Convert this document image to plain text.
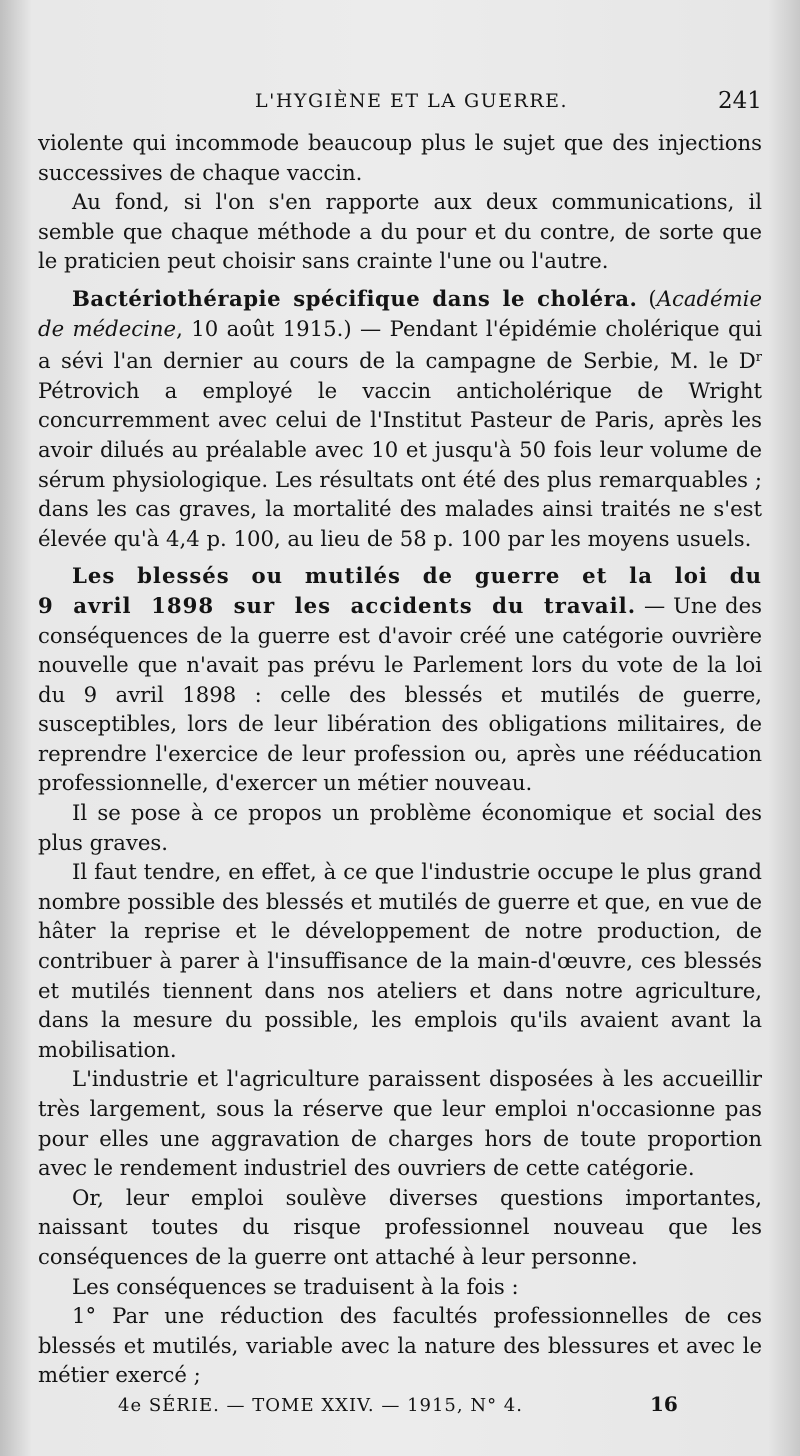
L'HYGIÈNE ET LA GUERRE.	241

violente qui incommode beaucoup plus le sujet que des injections successives de chaque vaccin.

Au fond, si l'on s'en rapporte aux deux communications, il semble que chaque méthode a du pour et du contre, de sorte que le praticien peut choisir sans crainte l'une ou l'autre.

Bactériothérapie spécifique dans le choléra. (Académie de médecine, 10 août 1915.) — Pendant l'épidémie cholérique qui a sévi l'an dernier au cours de la campagne de Serbie, M. le $D^r$ Pétrovich a employé le vaccin anticholérique de Wright concurremment avec celui de l'Institut Pasteur de Paris, après les avoir dilués au préalable avec 10 et jusqu'à 50 fois leur volume de sérum physiologique. Les résultats ont été des plus remarquables ; dans les cas graves, la mortalité des malades ainsi traités ne s'est élevée qu'à 4,4 p. 100, au lieu de 58 p. 100 par les moyens usuels.

Les blessés ou mutilés de guerre et la loi du 9 avril 1898 sur les accidents du travail. — Une des conséquences de la guerre est d'avoir créé une catégorie ouvrière nouvelle que n'avait pas prévu le Parlement lors du vote de la loi du 9 avril 1898 : celle des blessés et mutilés de guerre, susceptibles, lors de leur libération des obligations militaires, de reprendre l'exercice de leur profession ou, après une rééducation professionnelle, d'exercer un métier nouveau.

Il se pose à ce propos un problème économique et social des plus graves.

Il faut tendre, en effet, à ce que l'industrie occupe le plus grand nombre possible des blessés et mutilés de guerre et que, en vue de hâter la reprise et le développement de notre production, de contribuer à parer à l'insuffisance de la main-d'œuvre, ces blessés et mutilés tiennent dans nos ateliers et dans notre agriculture, dans la mesure du possible, les emplois qu'ils avaient avant la mobilisation.

L'industrie et l'agriculture paraissent disposées à les accueillir très largement, sous la réserve que leur emploi n'occasionne pas pour elles une aggravation de charges hors de toute proportion avec le rendement industriel des ouvriers de cette catégorie.

Or, leur emploi soulève diverses questions importantes, naissant toutes du risque professionnel nouveau que les conséquences de la guerre ont attaché à leur personne.

Les conséquences se traduisent à la fois :

1° Par une réduction des facultés professionnelles de ces blessés et mutilés, variable avec la nature des blessures et avec le métier exercé ;

4e SÉRIE. — TOME XXIV. — 1915, N° 4.	16
